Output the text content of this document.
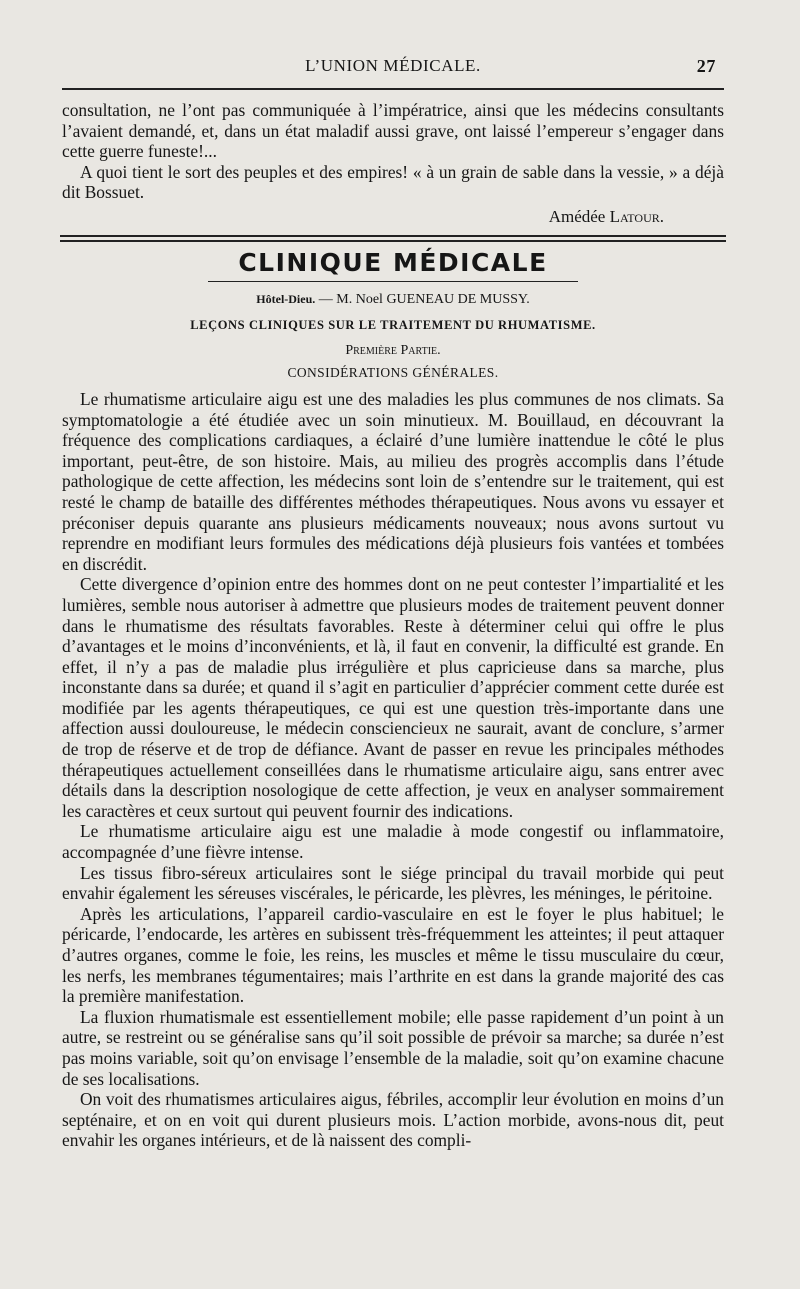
L’UNION MÉDICALE.	27

consultation, ne l’ont pas communiquée à l’impératrice, ainsi que les médecins consultants l’avaient demandé, et, dans un état maladif aussi grave, ont laissé l’empereur s’engager dans cette guerre funeste!...

A quoi tient le sort des peuples et des empires! « à un grain de sable dans la vessie, » a déjà dit Bossuet.

Amédée Latour.
CLINIQUE MÉDICALE
Hôtel-Dieu. — M. Noel GUENEAU DE MUSSY.
LEÇONS CLINIQUES SUR LE TRAITEMENT DU RHUMATISME.
Première Partie.
CONSIDÉRATIONS GÉNÉRALES.

Le rhumatisme articulaire aigu est une des maladies les plus communes de nos climats. Sa symptomatologie a été étudiée avec un soin minutieux. M. Bouillaud, en découvrant la fréquence des complications cardiaques, a éclairé d’une lumière inattendue le côté le plus important, peut-être, de son histoire. Mais, au milieu des progrès accomplis dans l’étude pathologique de cette affection, les médecins sont loin de s’entendre sur le traitement, qui est resté le champ de bataille des différentes méthodes thérapeutiques. Nous avons vu essayer et préconiser depuis quarante ans plusieurs médicaments nouveaux; nous avons surtout vu reprendre en modifiant leurs formules des médications déjà plusieurs fois vantées et tombées en discrédit.

Cette divergence d’opinion entre des hommes dont on ne peut contester l’impartialité et les lumières, semble nous autoriser à admettre que plusieurs modes de traitement peuvent donner dans le rhumatisme des résultats favorables. Reste à déterminer celui qui offre le plus d’avantages et le moins d’inconvénients, et là, il faut en convenir, la difficulté est grande. En effet, il n’y a pas de maladie plus irrégulière et plus capricieuse dans sa marche, plus inconstante dans sa durée; et quand il s’agit en particulier d’apprécier comment cette durée est modifiée par les agents thérapeutiques, ce qui est une question très-importante dans une affection aussi douloureuse, le médecin consciencieux ne saurait, avant de conclure, s’armer de trop de réserve et de trop de défiance. Avant de passer en revue les principales méthodes thérapeutiques actuellement conseillées dans le rhumatisme articulaire aigu, sans entrer avec détails dans la description nosologique de cette affection, je veux en analyser sommairement les caractères et ceux surtout qui peuvent fournir des indications.

Le rhumatisme articulaire aigu est une maladie à mode congestif ou inflammatoire, accompagnée d’une fièvre intense.

Les tissus fibro-séreux articulaires sont le siége principal du travail morbide qui peut envahir également les séreuses viscérales, le péricarde, les plèvres, les méninges, le péritoine.

Après les articulations, l’appareil cardio-vasculaire en est le foyer le plus habituel; le péricarde, l’endocarde, les artères en subissent très-fréquemment les atteintes; il peut attaquer d’autres organes, comme le foie, les reins, les muscles et même le tissu musculaire du cœur, les nerfs, les membranes tégumentaires; mais l’arthrite en est dans la grande majorité des cas la première manifestation.

La fluxion rhumatismale est essentiellement mobile; elle passe rapidement d’un point à un autre, se restreint ou se généralise sans qu’il soit possible de prévoir sa marche; sa durée n’est pas moins variable, soit qu’on envisage l’ensemble de la maladie, soit qu’on examine chacune de ses localisations.

On voit des rhumatismes articulaires aigus, fébriles, accomplir leur évolution en moins d’un septénaire, et on en voit qui durent plusieurs mois. L’action morbide, avons-nous dit, peut envahir les organes intérieurs, et de là naissent des compli-
